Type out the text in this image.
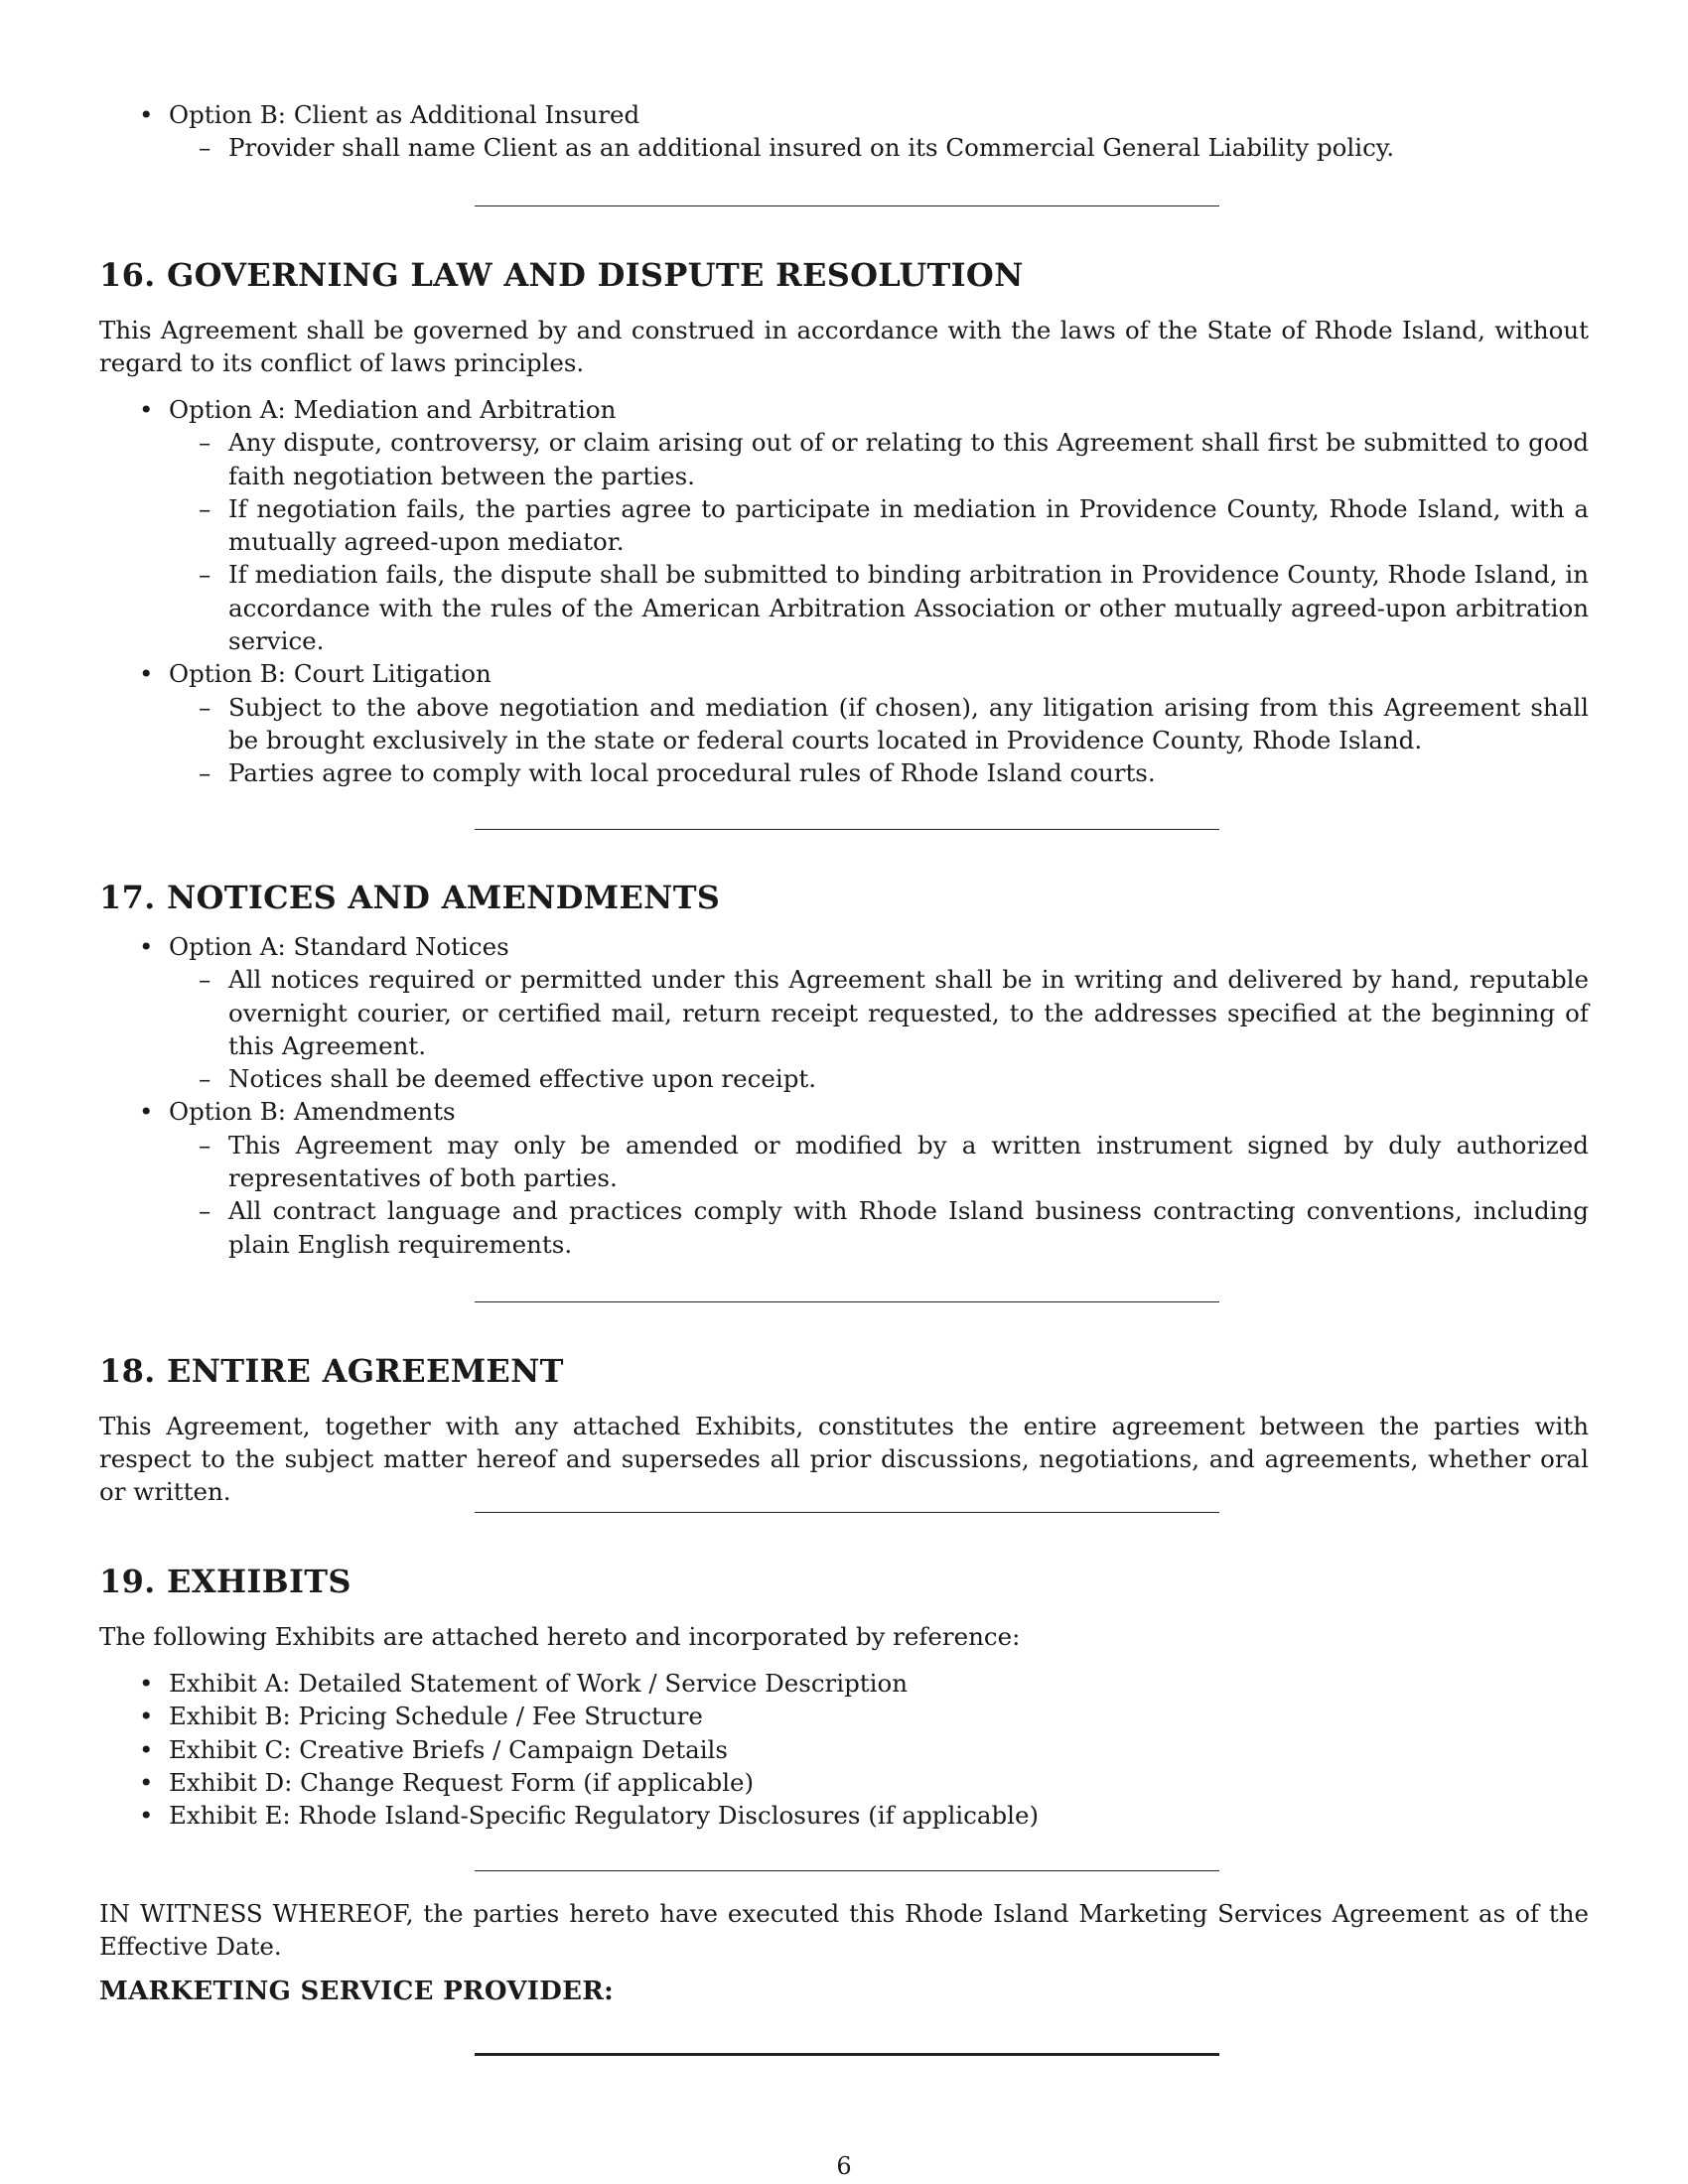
• Option B: Client as Additional Insured
– Provider shall name Client as an additional insured on its Commercial General Liability policy.
16. GOVERNING LAW AND DISPUTE RESOLUTION

This Agreement shall be governed by and construed in accordance with the laws of the State of Rhode Island, without regard to its conflict of laws principles.

• Option A: Mediation and Arbitration
– Any dispute, controversy, or claim arising out of or relating to this Agreement shall first be submitted to good faith negotiation between the parties.
– If negotiation fails, the parties agree to participate in mediation in Providence County, Rhode Island, with a mutually agreed-upon mediator.
– If mediation fails, the dispute shall be submitted to binding arbitration in Providence County, Rhode Island, in accordance with the rules of the American Arbitration Association or other mutually agreed-upon arbitration service.
• Option B: Court Litigation
– Subject to the above negotiation and mediation (if chosen), any litigation arising from this Agreement shall be brought exclusively in the state or federal courts located in Providence County, Rhode Island.
– Parties agree to comply with local procedural rules of Rhode Island courts.
17. NOTICES AND AMENDMENTS
• Option A: Standard Notices
– All notices required or permitted under this Agreement shall be in writing and delivered by hand, reputable overnight courier, or certified mail, return receipt requested, to the addresses specified at the beginning of this Agreement.
– Notices shall be deemed effective upon receipt.
• Option B: Amendments
– This Agreement may only be amended or modified by a written instrument signed by duly authorized representatives of both parties.
– All contract language and practices comply with Rhode Island business contracting conventions, including plain English requirements.
18. ENTIRE AGREEMENT

This Agreement, together with any attached Exhibits, constitutes the entire agreement between the parties with respect to the subject matter hereof and supersedes all prior discussions, negotiations, and agreements, whether oral or written.

19. EXHIBITS

The following Exhibits are attached hereto and incorporated by reference:

• Exhibit A: Detailed Statement of Work / Service Description
• Exhibit B: Pricing Schedule / Fee Structure
• Exhibit C: Creative Briefs / Campaign Details
• Exhibit D: Change Request Form (if applicable)
• Exhibit E: Rhode Island-Specific Regulatory Disclosures (if applicable)

IN WITNESS WHEREOF, the parties hereto have executed this Rhode Island Marketing Services Agreement as of the Effective Date.

MARKETING SERVICE PROVIDER:
6
